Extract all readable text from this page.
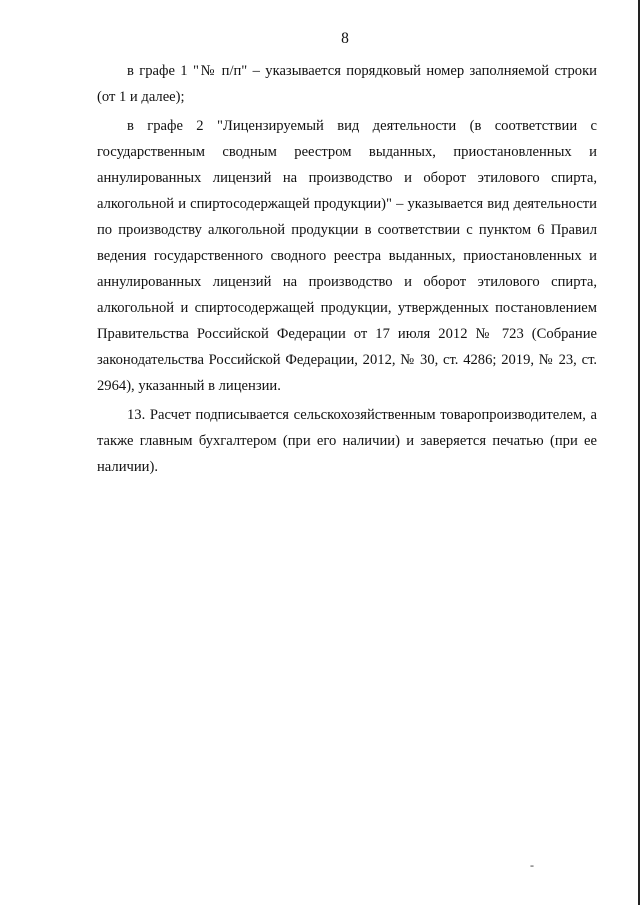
8

в графе 1 "№ п/п" – указывается порядковый номер заполняемой строки (от 1 и далее);

в графе 2 "Лицензируемый вид деятельности (в соответствии с государственным сводным реестром выданных, приостановленных и аннулированных лицензий на производство и оборот этилового спирта, алкогольной и спиртосодержащей продукции)" – указывается вид деятельности по производству алкогольной продукции в соответствии с пунктом 6 Правил ведения государственного сводного реестра выданных, приостановленных и аннулированных лицензий на производство и оборот этилового спирта, алкогольной и спиртосодержащей продукции, утвержденных постановлением Правительства Российской Федерации от 17 июля 2012 № 723 (Собрание законодательства Российской Федерации, 2012, № 30, ст. 4286; 2019, № 23, ст. 2964), указанный в лицензии.

13. Расчет подписывается сельскохозяйственным товаропроизводителем, а также главным бухгалтером (при его наличии) и заверяется печатью (при ее наличии).

-
